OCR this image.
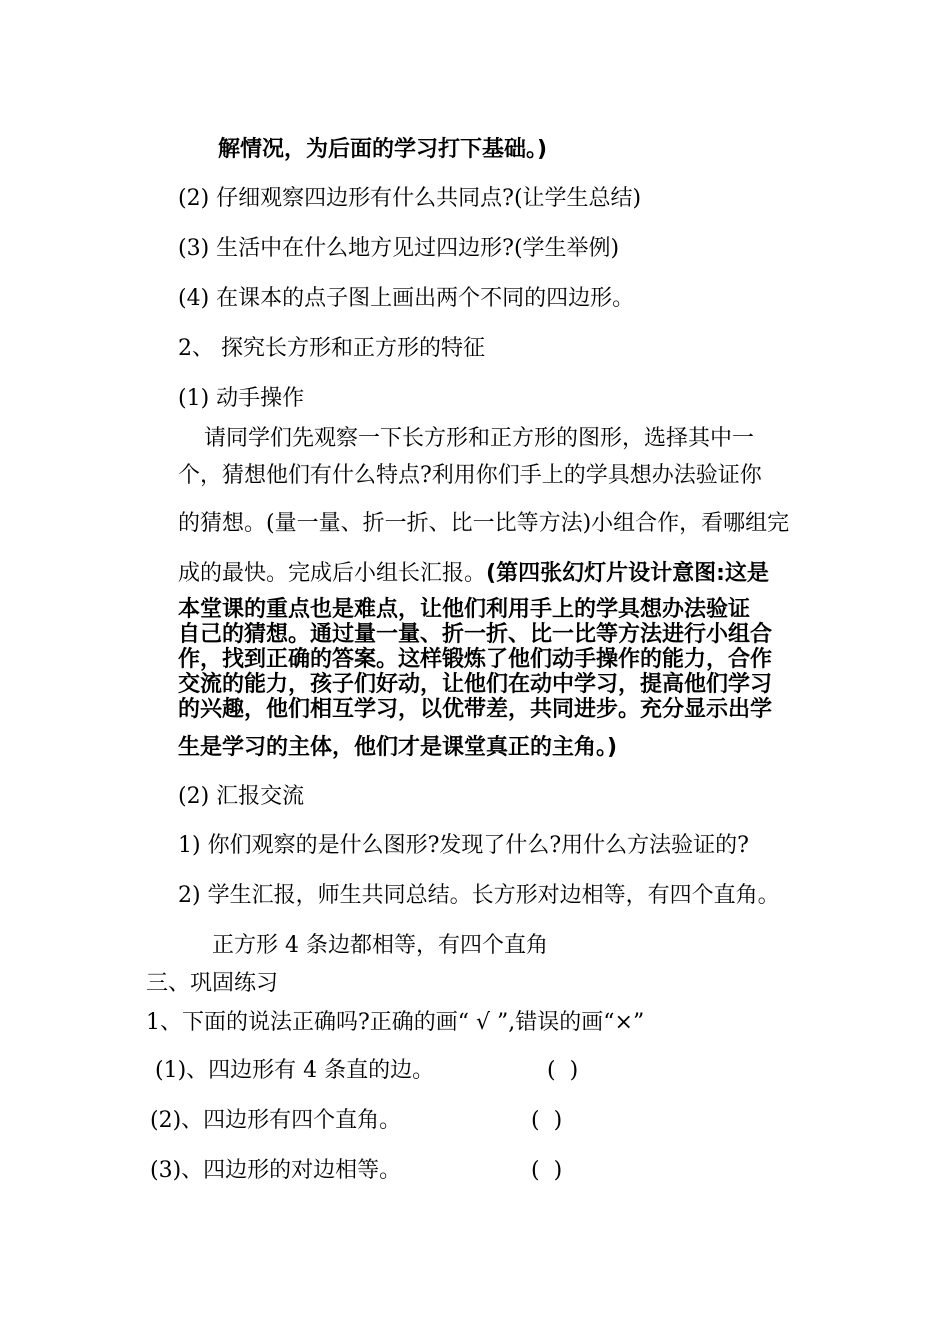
解情况，为后面的学习打下基础。)
(2) 仔细观察四边形有什么共同点?(让学生总结)
(3) 生活中在什么地方见过四边形?(学生举例)
(4) 在课本的点子图上画出两个不同的四边形。
2、 探究长方形和正方形的特征
(1) 动手操作
请同学们先观察一下长方形和正方形的图形，选择其中一
个，猜想他们有什么特点?利用你们手上的学具想办法验证你
的猜想。(量一量、折一折、比一比等方法)小组合作，看哪组完
成的最快。完成后小组长汇报。(第四张幻灯片设计意图:这是
本堂课的重点也是难点，让他们利用手上的学具想办法验证
自己的猜想。通过量一量、折一折、比一比等方法进行小组合
作，找到正确的答案。这样锻炼了他们动手操作的能力，合作
交流的能力，孩子们好动，让他们在动中学习，提高他们学习
的兴趣，他们相互学习，以优带差，共同进步。充分显示出学
生是学习的主体，他们才是课堂真正的主角。)
(2) 汇报交流
1) 你们观察的是什么图形?发现了什么?用什么方法验证的?
2) 学生汇报，师生共同总结。长方形对边相等，有四个直角。
正方形 4 条边都相等，有四个直角
三、巩固练习
1、下面的说法正确吗?正确的画“ √ ”,错误的画“×”
(1)、四边形有 4 条直的边。	(  )
(2)、四边形有四个直角。	(  )
(3)、四边形的对边相等。	(  )
